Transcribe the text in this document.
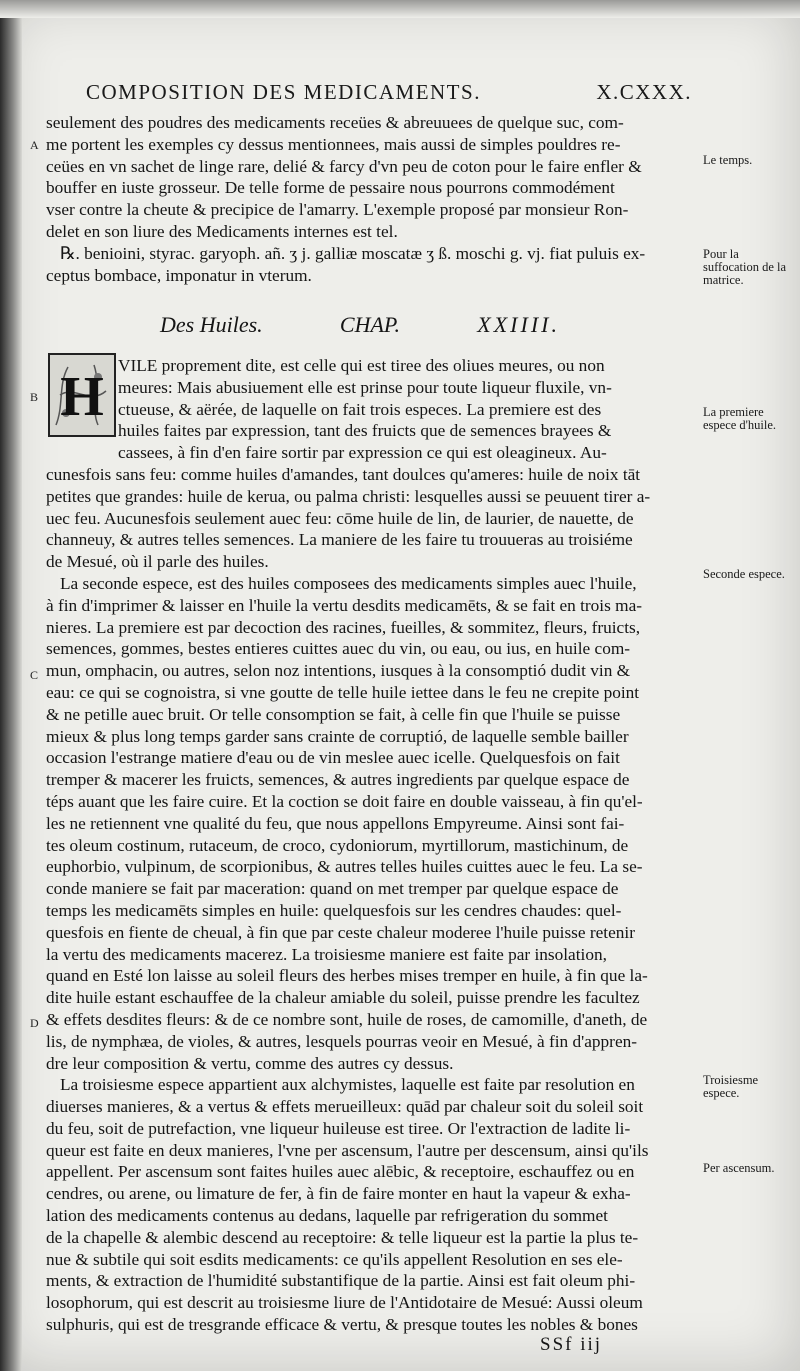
COMPOSITION DES MEDICAMENTS.	X.CXXX.
seulement des poudres des medicaments receües & abreuuees de quelque suc, com-
me portent les exemples cy dessus mentionnees, mais aussi de simples pouldres re-
ceües en vn sachet de linge rare, delié & farcy d'vn peu de coton pour le faire enfler &
bouffer en iuste grosseur. De telle forme de pessaire nous pourrons commodément
vser contre la cheute & precipice de l'amarry. L'exemple proposé par monsieur Ron-
delet en son liure des Medicaments internes est tel.
℞. benioini, styrac. garyoph. añ. ʒ j. galliæ moscatæ ʒ ß. moschi g. vj. fiat puluis ex-
ceptus bombace, imponatur in vterum.
Des Huiles.	CHAP.	XXIIII.
H
VILE proprement dite, est celle qui est tiree des oliues meures, ou non
meures: Mais abusiuement elle est prinse pour toute liqueur fluxile, vn-
ctueuse, & aërée, de laquelle on fait trois especes. La premiere est des
huiles faites par expression, tant des fruicts que de semences brayees &
cassees, à fin d'en faire sortir par expression ce qui est oleagineux. Au-
cunesfois sans feu: comme huiles d'amandes, tant doulces qu'ameres: huile de noix tāt
petites que grandes: huile de kerua, ou palma christi: lesquelles aussi se peuuent tirer a-
uec feu. Aucunesfois seulement auec feu: cōme huile de lin, de laurier, de nauette, de
channeuy, & autres telles semences. La maniere de les faire tu trouueras au troisiéme
de Mesué, où il parle des huiles.
La seconde espece, est des huiles composees des medicaments simples auec l'huile,
à fin d'imprimer & laisser en l'huile la vertu desdits medicamēts, & se fait en trois ma-
nieres. La premiere est par decoction des racines, fueilles, & sommitez, fleurs, fruicts,
semences, gommes, bestes entieres cuittes auec du vin, ou eau, ou ius, en huile com-
mun, omphacin, ou autres, selon noz intentions, iusques à la consomptió dudit vin &
eau: ce qui se cognoistra, si vne goutte de telle huile iettee dans le feu ne crepite point
& ne petille auec bruit. Or telle consomption se fait, à celle fin que l'huile se puisse
mieux & plus long temps garder sans crainte de corruptió, de laquelle semble bailler
occasion l'estrange matiere d'eau ou de vin meslee auec icelle. Quelquesfois on fait
tremper & macerer les fruicts, semences, & autres ingredients par quelque espace de
téps auant que les faire cuire. Et la coction se doit faire en double vaisseau, à fin qu'el-
les ne retiennent vne qualité du feu, que nous appellons Empyreume. Ainsi sont fai-
tes oleum costinum, rutaceum, de croco, cydoniorum, myrtillorum, mastichinum, de
euphorbio, vulpinum, de scorpionibus, & autres telles huiles cuittes auec le feu. La se-
conde maniere se fait par maceration: quand on met tremper par quelque espace de
temps les medicamēts simples en huile: quelquesfois sur les cendres chaudes: quel-
quesfois en fiente de cheual, à fin que par ceste chaleur moderee l'huile puisse retenir
la vertu des medicaments macerez. La troisiesme maniere est faite par insolation,
quand en Esté lon laisse au soleil fleurs des herbes mises tremper en huile, à fin que la-
dite huile estant eschauffee de la chaleur amiable du soleil, puisse prendre les facultez
& effets desdites fleurs: & de ce nombre sont, huile de roses, de camomille, d'aneth, de
lis, de nymphæa, de violes, & autres, lesquels pourras veoir en Mesué, à fin d'appren-
dre leur composition & vertu, comme des autres cy dessus.
La troisiesme espece appartient aux alchymistes, laquelle est faite par resolution en
diuerses manieres, & a vertus & effets merueilleux: quād par chaleur soit du soleil soit
du feu, soit de putrefaction, vne liqueur huileuse est tiree. Or l'extraction de ladite li-
queur est faite en deux manieres, l'vne per ascensum, l'autre per descensum, ainsi qu'ils
appellent. Per ascensum sont faites huiles auec alēbic, & receptoire, eschauffez ou en
cendres, ou arene, ou limature de fer, à fin de faire monter en haut la vapeur & exha-
lation des medicaments contenus au dedans, laquelle par refrigeration du sommet
de la chapelle & alembic descend au receptoire: & telle liqueur est la partie la plus te-
nue & subtile qui soit esdits medicaments: ce qu'ils appellent Resolution en ses ele-
ments, & extraction de l'humidité substantifique de la partie. Ainsi est fait oleum phi-
losophorum, qui est descrit au troisiesme liure de l'Antidotaire de Mesué: Aussi oleum
sulphuris, qui est de tresgrande efficace & vertu, & presque toutes les nobles & bones
Le temps.
Pour la suffocation de la matrice.
La premiere espece d'huile.
Seconde espece.
Troisiesme espece.
Per ascensum.
A
B
C
D
SSf iij
